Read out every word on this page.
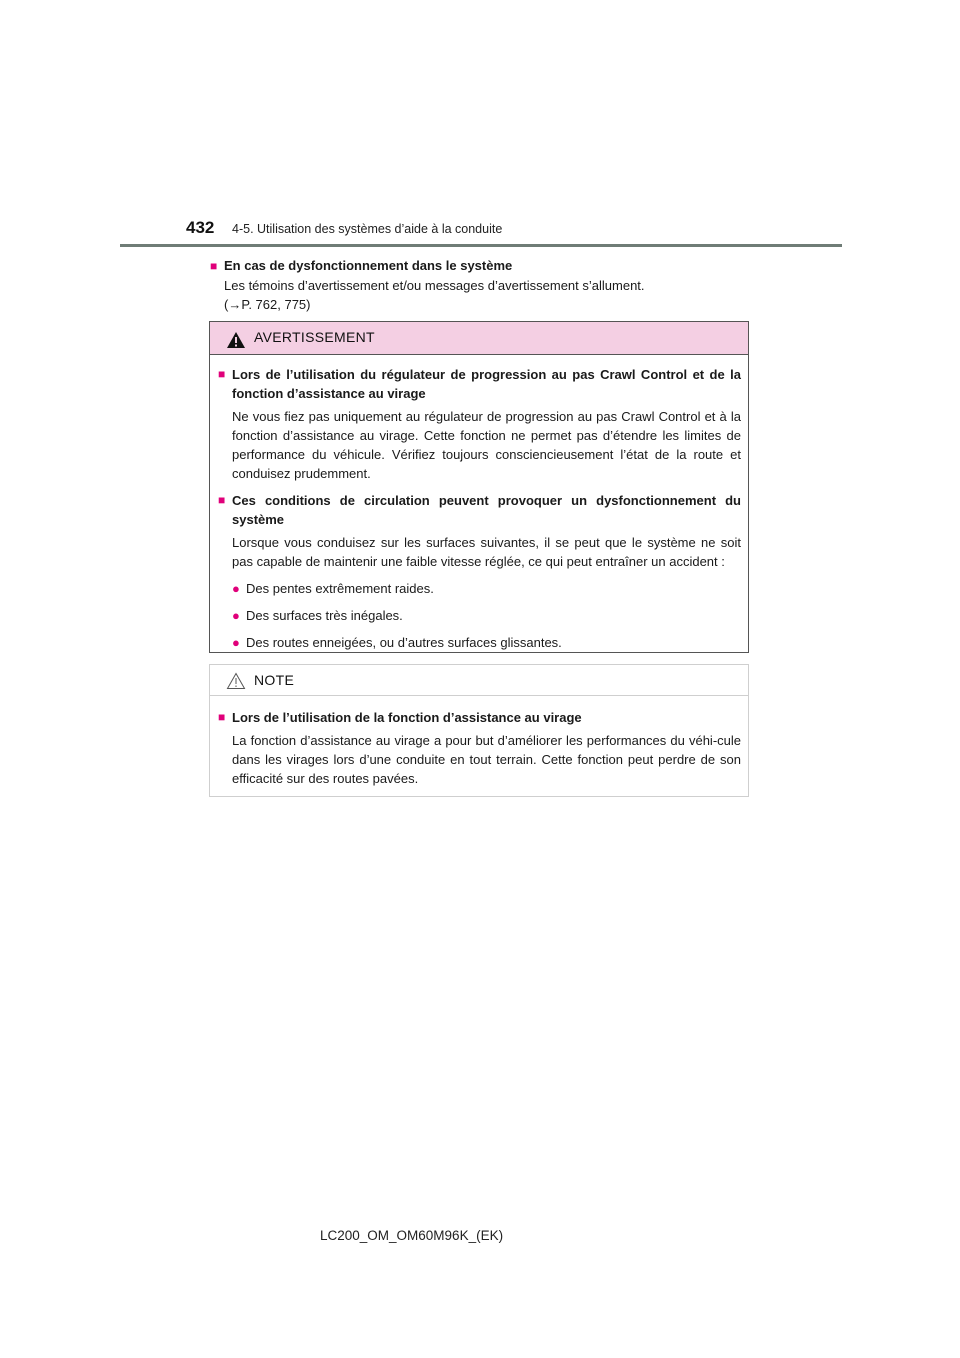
432 4-5. Utilisation des systèmes d’aide à la conduite
■ En cas de dysfonctionnement dans le système
Les témoins d’avertissement et/ou messages d’avertissement s’allument.
(→P. 762, 775)
AVERTISSEMENT
■ Lors de l’utilisation du régulateur de progression au pas Crawl Control et de la fonction d’assistance au virage
Ne vous fiez pas uniquement au régulateur de progression au pas Crawl Control et à la fonction d’assistance au virage. Cette fonction ne permet pas d’étendre les limites de performance du véhicule. Vérifiez toujours consciencieusement l’état de la route et conduisez prudemment.
■ Ces conditions de circulation peuvent provoquer un dysfonctionnement du système
Lorsque vous conduisez sur les surfaces suivantes, il se peut que le système ne soit pas capable de maintenir une faible vitesse réglée, ce qui peut entraîner un accident :
● Des pentes extrêmement raides.
● Des surfaces très inégales.
● Des routes enneigées, ou d’autres surfaces glissantes.
NOTE
■ Lors de l’utilisation de la fonction d’assistance au virage
La fonction d’assistance au virage a pour but d’améliorer les performances du véhi-cule dans les virages lors d’une conduite en tout terrain. Cette fonction peut perdre de son efficacité sur des routes pavées.
LC200_OM_OM60M96K_(EK)
